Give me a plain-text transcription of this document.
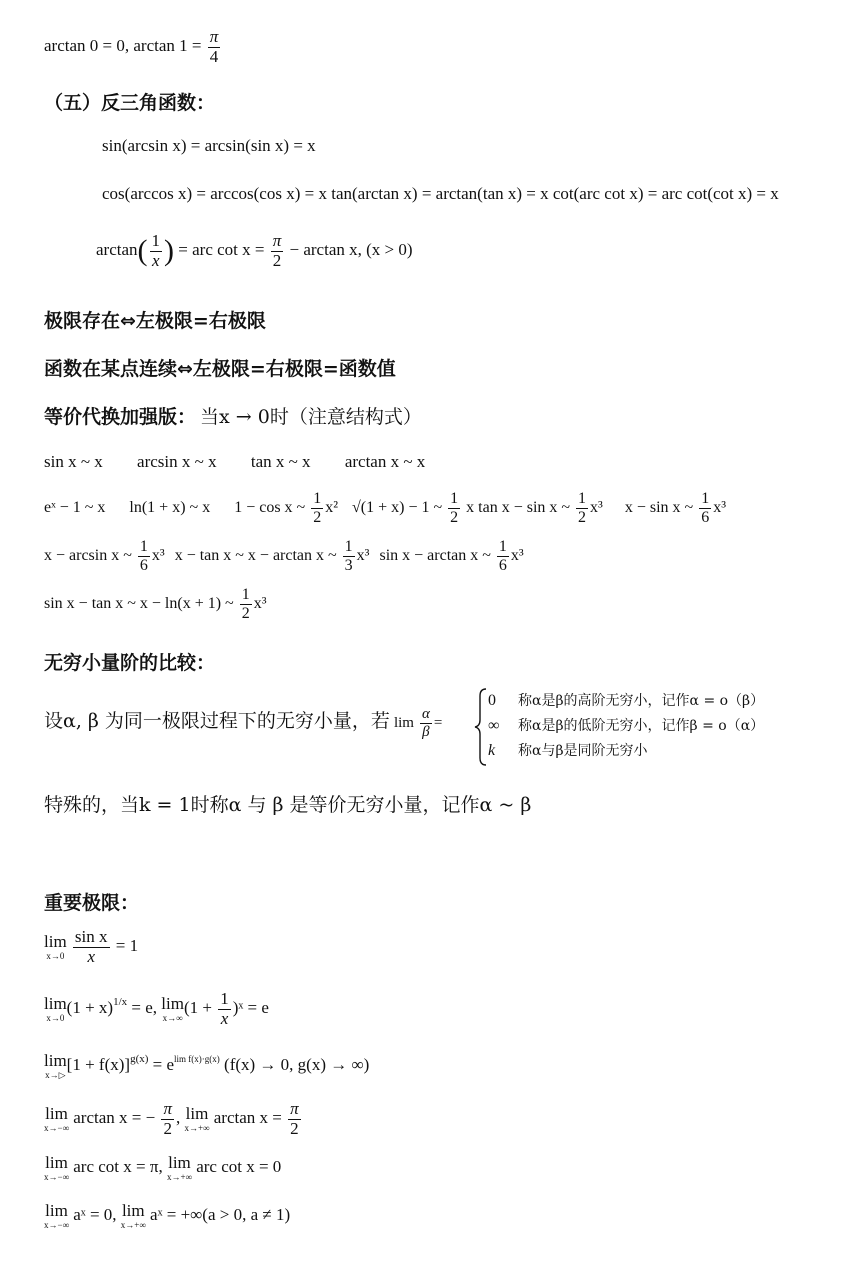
arctan 0 = 0, $\arctan 1 = \frac{\pi}{4}$
（五）反三角函数：
sin(arcsin x) = arcsin(sin x) = x
cos(arccos x) = arccos(cos x) = x tan(arctan x) = arctan(tan x) = x cot(arc cot x) = arc cot(cot x) = x
$\arctan( \frac{1}{x}$ ) = arc $\cot x = \frac{\pi}{2} - \arctan x$, (x > 0)
极限存在⇔左极限=右极限
函数在某点连续⇔左极限=右极限=函数值
等价代换加强版： 当x → 0时（注意结构式）
sin x ~ x arcsin x ~ x tan x ~ x arctan x ~ x
eˣ − 1 ~ x ln(1 + x) ~ x 1 − cos x ~ $\frac{1}{2} x^2$ √(1 + x) − 1 ~ $\frac{1}{2}$ x tan x − sin x ~ $\frac{1}{2} x^3$ x − sin x ~ $\frac{1}{6} x^3$
x − arcsin x ~ $\frac{1}{6} x^3$ x − tan x ~ x − arctan x ~ $\frac{1}{3} x^3$ sin x − arctan x ~ $\frac{1}{6} x^3$
sin x − tan x ~ x − ln(x + 1) ~ $\frac{1}{2} x^3$
无穷小量阶的比较：
设α, β 为同一极限过程下的无穷小量，若 $\lim \frac{\alpha}{\beta}$ =
0 称α是β的高阶无穷小，记作α = o（β）
∞ 称α是β的低阶无穷小，记作β = o（α）
k 称α与β是同阶无穷小
特殊的，当k = 1时称α 与 β 是等价无穷小量，记作α ~ β
重要极限：
lim
x→0
$\frac{\text{sin x}}{x} = 1$
lim
x→0
$(1 + x)^{1/x} = e$, lim
x→∞
($1 + \frac{1}{x}$ )ˣ = e
lim
x→▷
$[1 + f(x)]^{g(x)} = e^{lim f(x)\cdot g(x)}$ (f(x) → 0, g(x) → ∞)
lim
x→−∞
arctan x = − $\frac{\pi}{2}$ , lim
x→+∞
$\arctan x = \frac{\pi}{2}$
lim
x→−∞
arc cot x = π, lim
x→+∞
arc cot x = 0
lim
x→−∞
aˣ = 0, lim
x→+∞
aˣ = +∞(a > 0, a ≠ 1)
